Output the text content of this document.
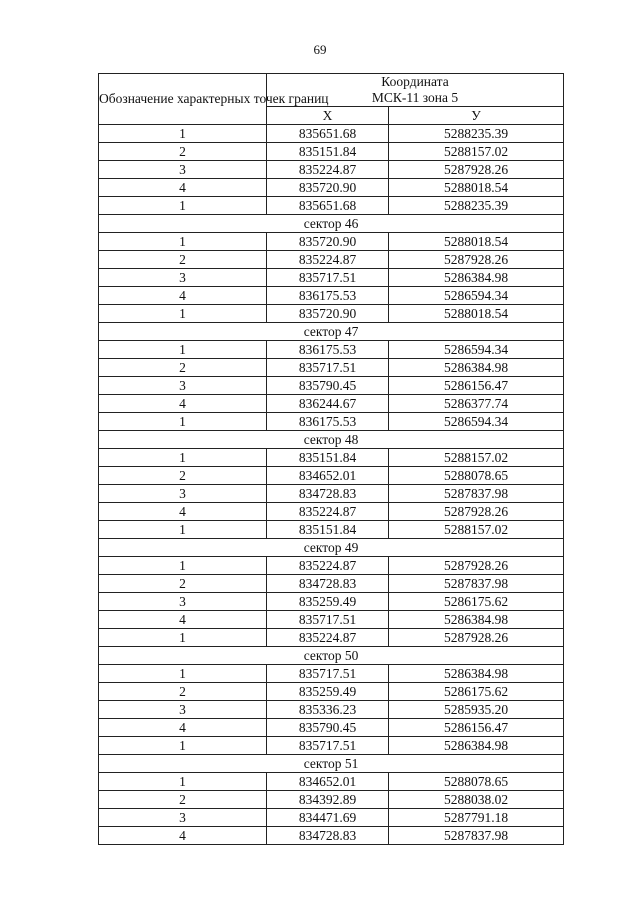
69
Обозначение характерных точек границ	Координата
МСК-11 зона 5	

	Х	У
1	835651.68	5288235.39
2	835151.84	5288157.02
3	835224.87	5287928.26
4	835720.90	5288018.54
1	835651.68	5288235.39
сектор 46		
1	835720.90	5288018.54
2	835224.87	5287928.26
3	835717.51	5286384.98
4	836175.53	5286594.34
1	835720.90	5288018.54
сектор 47		
1	836175.53	5286594.34
2	835717.51	5286384.98
3	835790.45	5286156.47
4	836244.67	5286377.74
1	836175.53	5286594.34
сектор 48		
1	835151.84	5288157.02
2	834652.01	5288078.65
3	834728.83	5287837.98
4	835224.87	5287928.26
1	835151.84	5288157.02
сектор 49		
1	835224.87	5287928.26
2	834728.83	5287837.98
3	835259.49	5286175.62
4	835717.51	5286384.98
1	835224.87	5287928.26
сектор 50		
1	835717.51	5286384.98
2	835259.49	5286175.62
3	835336.23	5285935.20
4	835790.45	5286156.47
1	835717.51	5286384.98
сектор 51		
1	834652.01	5288078.65
2	834392.89	5288038.02
3	834471.69	5287791.18
4	834728.83	5287837.98
